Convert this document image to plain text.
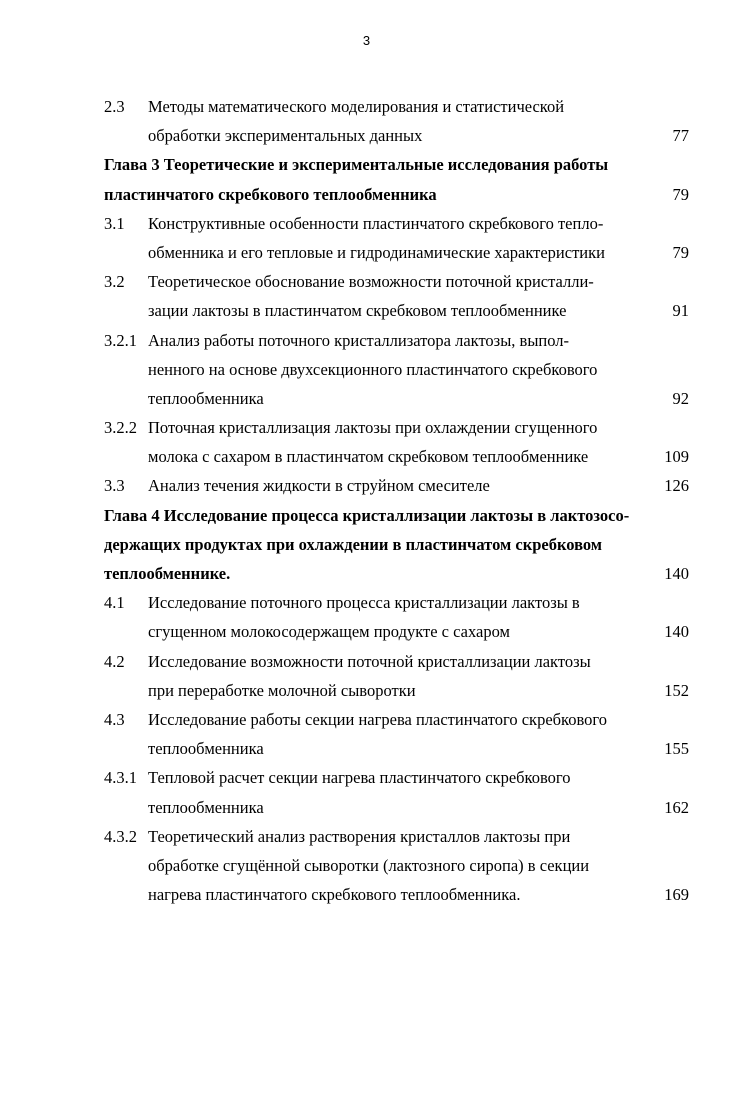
3
2.3 Методы математического моделирования и статистической
обработки экспериментальных данных	77
Глава 3 Теоретические и экспериментальные исследования работы
пластинчатого скребкового теплообменника	79
3.1 Конструктивные особенности пластинчатого скребкового тепло-
обменника и его тепловые и гидродинамические характеристики	79
3.2 Теоретическое обоснование возможности поточной кристалли-
зации лактозы в пластинчатом скребковом теплообменнике	91
3.2.1 Анализ работы поточного кристаллизатора лактозы, выпол-
ненного на основе двухсекционного пластинчатого скребкового
теплообменника	92
3.2.2 Поточная кристаллизация лактозы при охлаждении сгущенного
молока с сахаром в пластинчатом скребковом теплообменнике	109
3.3 Анализ течения жидкости в струйном смесителе	126
Глава 4 Исследование процесса кристаллизации лактозы в лактозосо-
держащих продуктах при охлаждении в пластинчатом скребковом
теплообменнике.	140
4.1 Исследование поточного процесса кристаллизации лактозы в
сгущенном молокосодержащем продукте с сахаром	140
4.2 Исследование возможности поточной кристаллизации лактозы
при переработке молочной сыворотки	152
4.3 Исследование работы секции нагрева пластинчатого скребкового
теплообменника	155
4.3.1 Тепловой расчет секции нагрева пластинчатого скребкового
теплообменника	162
4.3.2 Теоретический анализ растворения кристаллов лактозы при
обработке сгущённой сыворотки (лактозного сиропа) в секции
нагрева пластинчатого скребкового теплообменника.	169
